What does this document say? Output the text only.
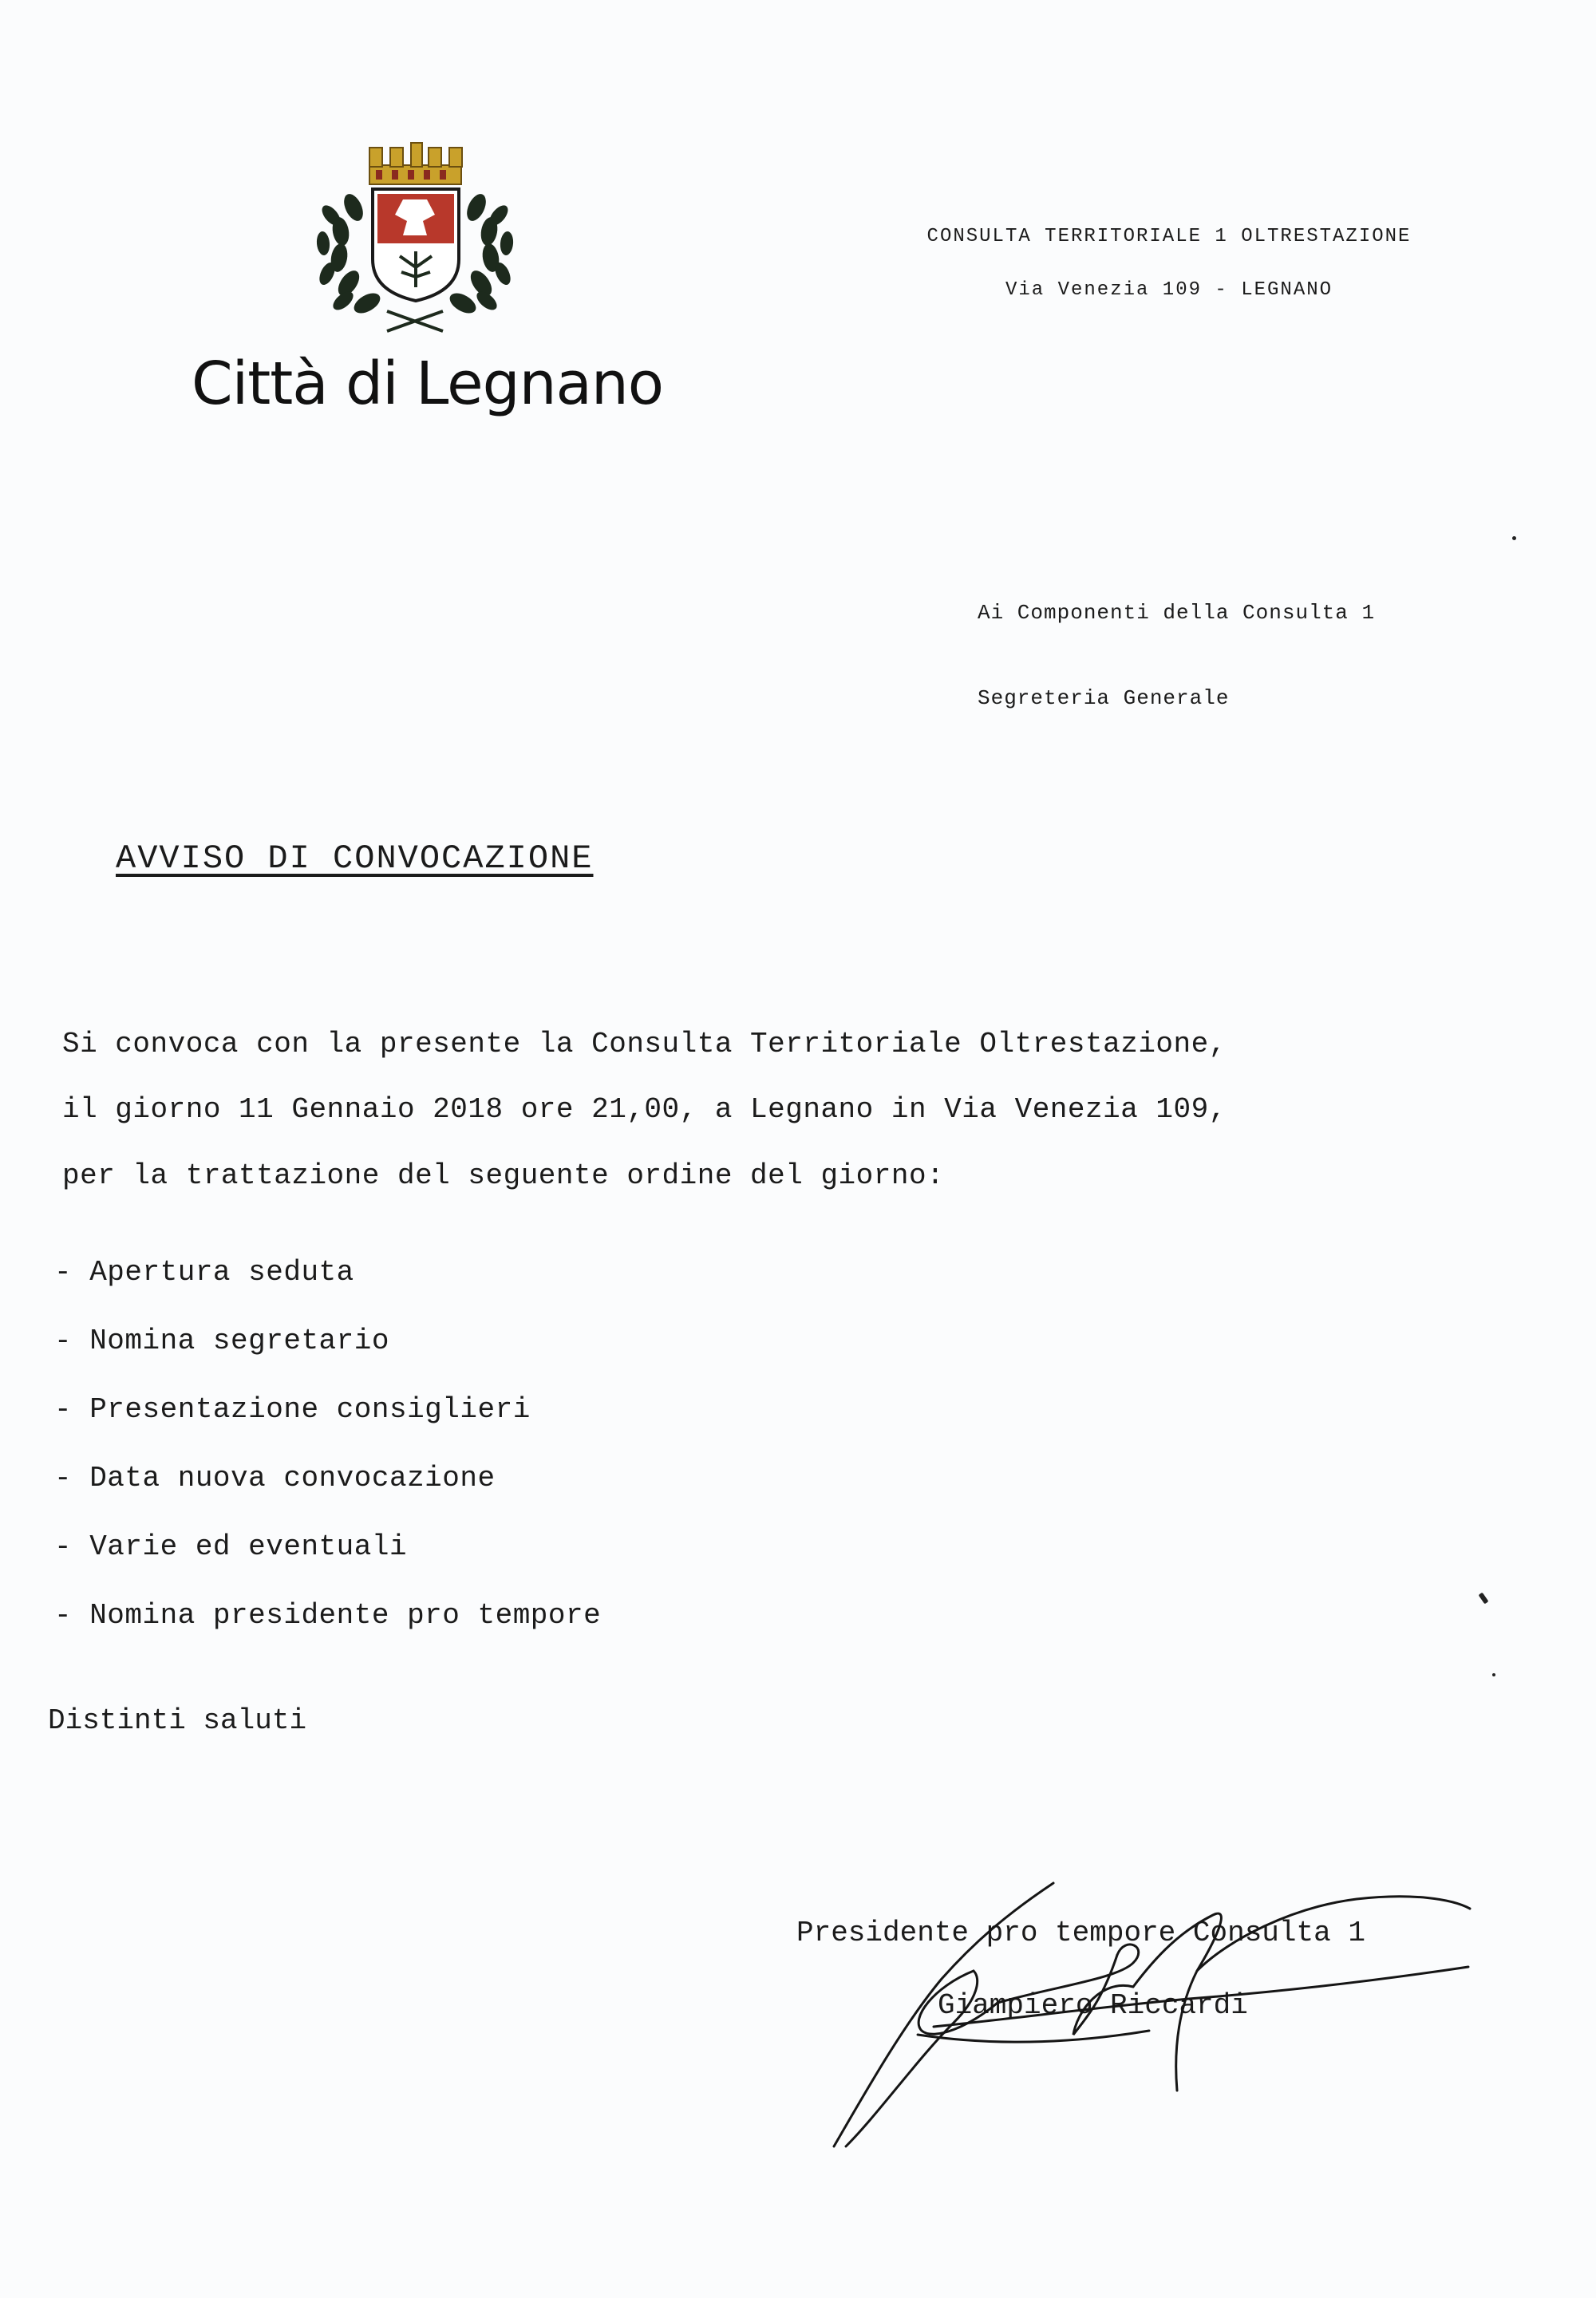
Città di Legnano
CONSULTA TERRITORIALE 1 OLTRESTAZIONE
Via Venezia 109 - LEGNANO
Ai Componenti della Consulta 1
Segreteria Generale
AVVISO DI CONVOCAZIONE
Si convoca con la presente la Consulta Territoriale Oltrestazione,
il giorno 11 Gennaio 2018 ore 21,00, a Legnano in Via Venezia 109,
per la trattazione del seguente ordine del giorno:
- Apertura seduta
- Nomina segretario
- Presentazione consiglieri
- Data nuova convocazione
- Varie ed eventuali
- Nomina presidente pro tempore
Distinti saluti
Presidente pro tempore Consulta 1
Giampiero Riccardi
